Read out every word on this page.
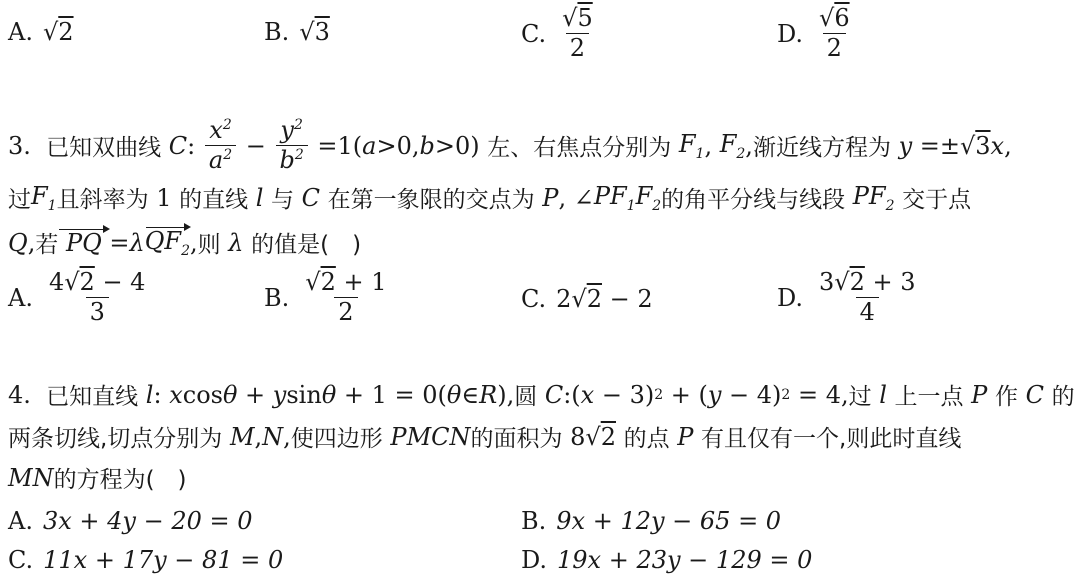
A. √2	B. √3	C. $\frac{√5}{2}$	D. $\frac{√6}{2}$
3.
已知双曲线 C : $\frac{x^2}{a^2} - \frac{y^2}{b^2} =1(a>0,b>0)$ 左、右焦点分别为 $F_1$ , $F_2$ , 渐近线方程为 y =±√3 x ,
过 $F_1$ 且斜率为 1 的直线 l 与 C 在第一象限的交点为 P , ∠ $PF_1F_2$ 的角平分线与线段 $PF_2$ 交于点
Q , 若 PQ = λ $QF_2$ , 则 λ 的值是 (　)
A. $\frac{4√2 - 4}{3}$	B. $\frac{√2 + 1}{2}$	C. 2√2 − 2	D. $\frac{3√2 + 3}{4}$
4.
已知直线 l : x cos θ + y sin θ + 1 = 0( θ ∈ R ), 圆 C :( x − 3) 2 + ( y − 4) 2 = 4, 过 l 上一点 P 作 C 的
两条切线,切点分别为 M , N , 使四边形 PMCN 的面积为 8√2 的点 P 有且仅有一个,则此时直线
MN 的方程为 (　)
A. 3x + 4y − 20 = 0	B. 9x + 12y − 65 = 0
C. 11x + 17y − 81 = 0	D. 19x + 23y − 129 = 0
